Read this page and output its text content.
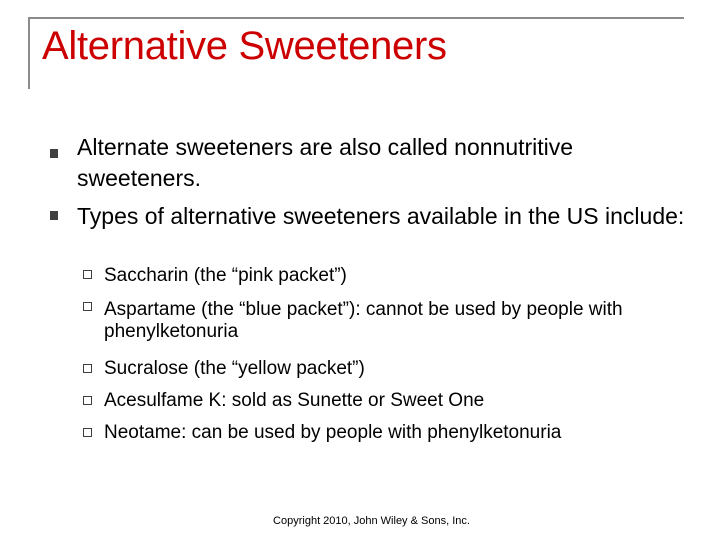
Alternative Sweeteners
Alternate sweeteners are also called nonnutritive sweeteners.
Types of alternative sweeteners available in the US include:
Saccharin (the “pink packet”)
Aspartame (the “blue packet”): cannot be used by people with phenylketonuria
Sucralose (the “yellow packet”)
Acesulfame K: sold as Sunette or Sweet One
Neotame: can be used by people with phenylketonuria
Copyright 2010, John Wiley & Sons, Inc.
